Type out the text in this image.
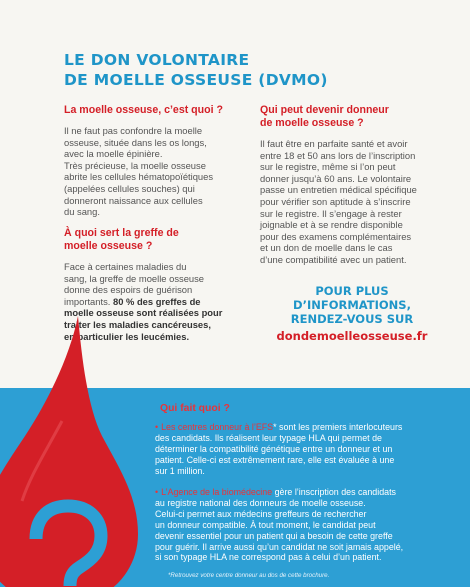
LE DON VOLONTAIRE
DE MOELLE OSSEUSE (DVMO)
La moelle osseuse, c’est quoi ?
Il ne faut pas confondre la moelle
osseuse, située dans les os longs,
avec la moelle épinière.
Très précieuse, la moelle osseuse
abrite les cellules hématopoïétiques
(appelées cellules souches) qui
donneront naissance aux cellules
du sang.
À quoi sert la greffe de
moelle osseuse ?
Face à certaines maladies du
sang, la greffe de moelle osseuse
donne des espoirs de guérison
importants. 80 % des greffes de
moelle osseuse sont réalisées pour
traiter les maladies cancéreuses,
en particulier les leucémies.
Qui peut devenir donneur
de moelle osseuse ?
Il faut être en parfaite santé et avoir
entre 18 et 50 ans lors de l’inscription
sur le registre, même si l’on peut
donner jusqu’à 60 ans. Le volontaire
passe un entretien médical spécifique
pour vérifier son aptitude à s’inscrire
sur le registre. Il s’engage à rester
joignable et à se rendre disponible
pour des examens complémentaires
et un don de moelle dans le cas
d’une compatibilité avec un patient.
POUR PLUS
D’INFORMATIONS,
RENDEZ-VOUS SUR
dondemoelleosseuse.fr
Qui fait quoi ?
• Les centres donneur à l’EFS* sont les premiers interlocuteurs
des candidats. Ils réalisent leur typage HLA qui permet de
déterminer la compatibilité génétique entre un donneur et un
patient. Celle-ci est extrêmement rare, elle est évaluée à une
sur 1 million.
• L’Agence de la biomédecine gère l’inscription des candidats
au registre national des donneurs de moelle osseuse.
Celui-ci permet aux médecins greffeurs de rechercher
un donneur compatible. À tout moment, le candidat peut
devenir essentiel pour un patient qui a besoin de cette greffe
pour guérir. Il arrive aussi qu’un candidat ne soit jamais appelé,
si son typage HLA ne correspond pas à celui d’un patient.
*Retrouvez votre centre donneur au dos de cette brochure.
